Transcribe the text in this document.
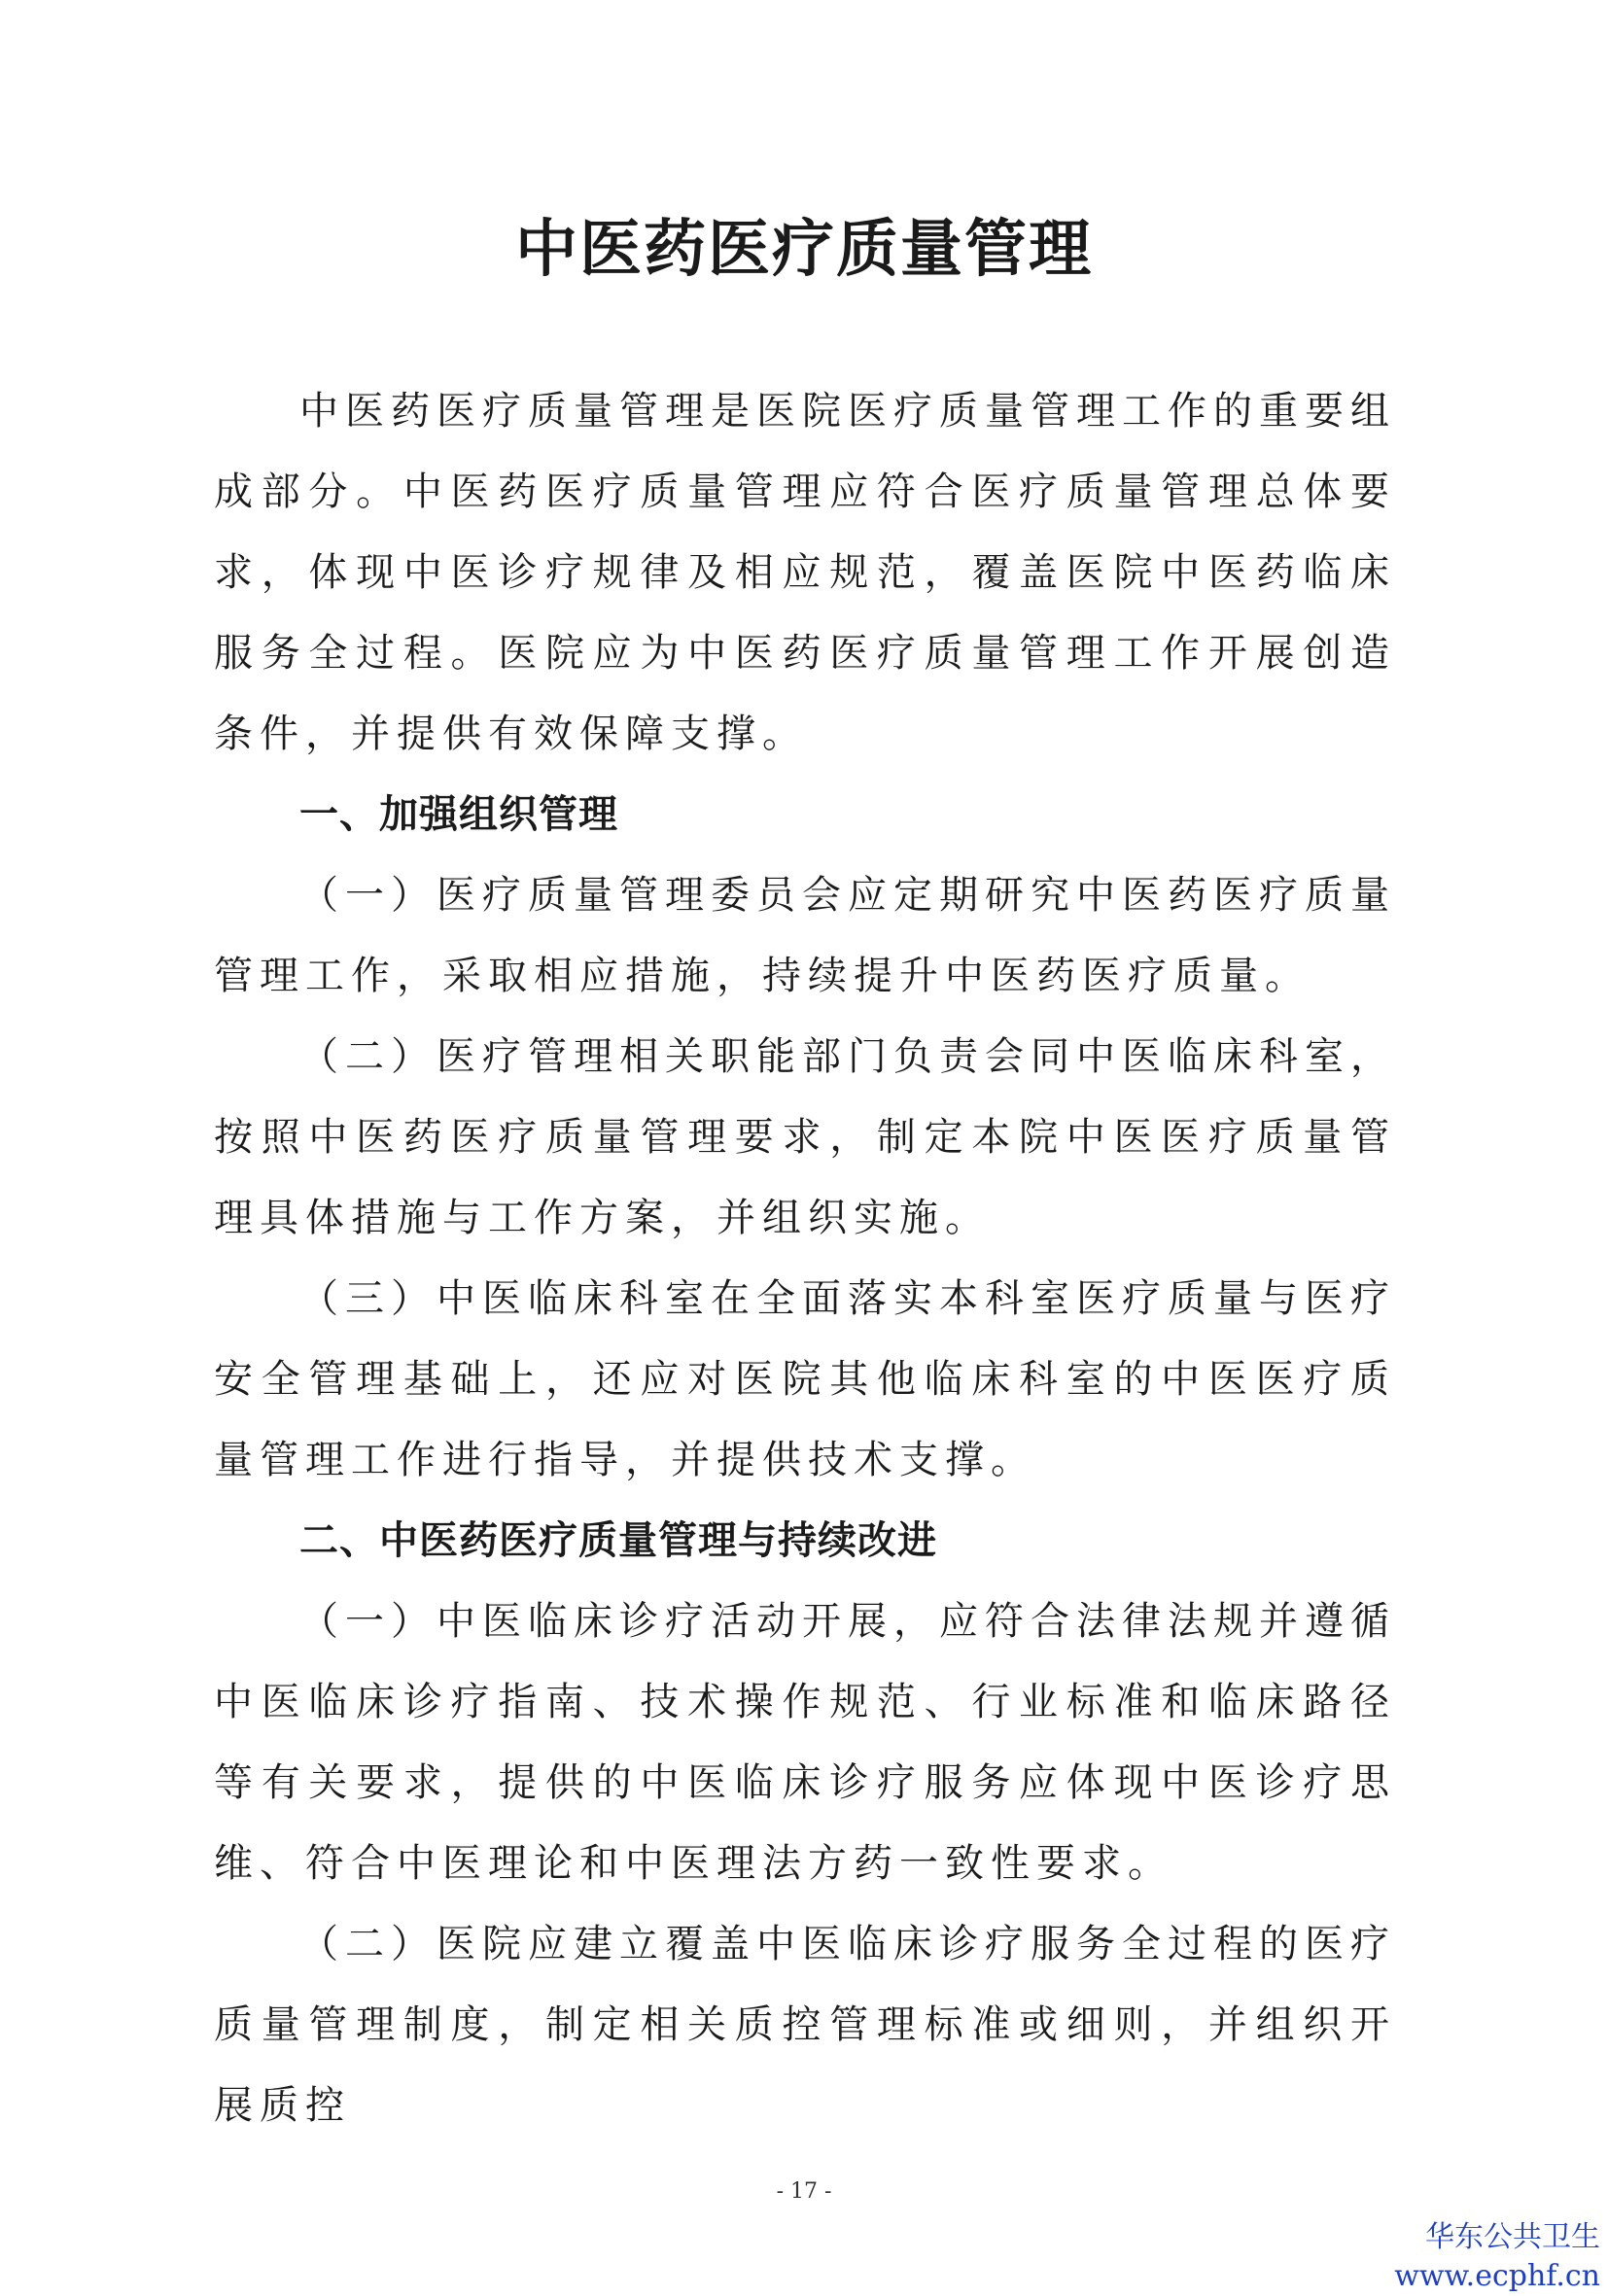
中医药医疗质量管理

中医药医疗质量管理是医院医疗质量管理工作的重要组成部分。中医药医疗质量管理应符合医疗质量管理总体要求，体现中医诊疗规律及相应规范，覆盖医院中医药临床服务全过程。医院应为中医药医疗质量管理工作开展创造条件，并提供有效保障支撑。

一、加强组织管理

（一）医疗质量管理委员会应定期研究中医药医疗质量管理工作，采取相应措施，持续提升中医药医疗质量。

（二）医疗管理相关职能部门负责会同中医临床科室，按照中医药医疗质量管理要求，制定本院中医医疗质量管理具体措施与工作方案，并组织实施。

（三）中医临床科室在全面落实本科室医疗质量与医疗安全管理基础上，还应对医院其他临床科室的中医医疗质量管理工作进行指导，并提供技术支撑。

二、中医药医疗质量管理与持续改进

（一）中医临床诊疗活动开展，应符合法律法规并遵循中医临床诊疗指南、技术操作规范、行业标准和临床路径等有关要求，提供的中医临床诊疗服务应体现中医诊疗思维、符合中医理论和中医理法方药一致性要求。

（二）医院应建立覆盖中医临床诊疗服务全过程的医疗质量管理制度，制定相关质控管理标准或细则，并组织开展质控

- 17 -
华东公共卫生
www.ecphf.cn
